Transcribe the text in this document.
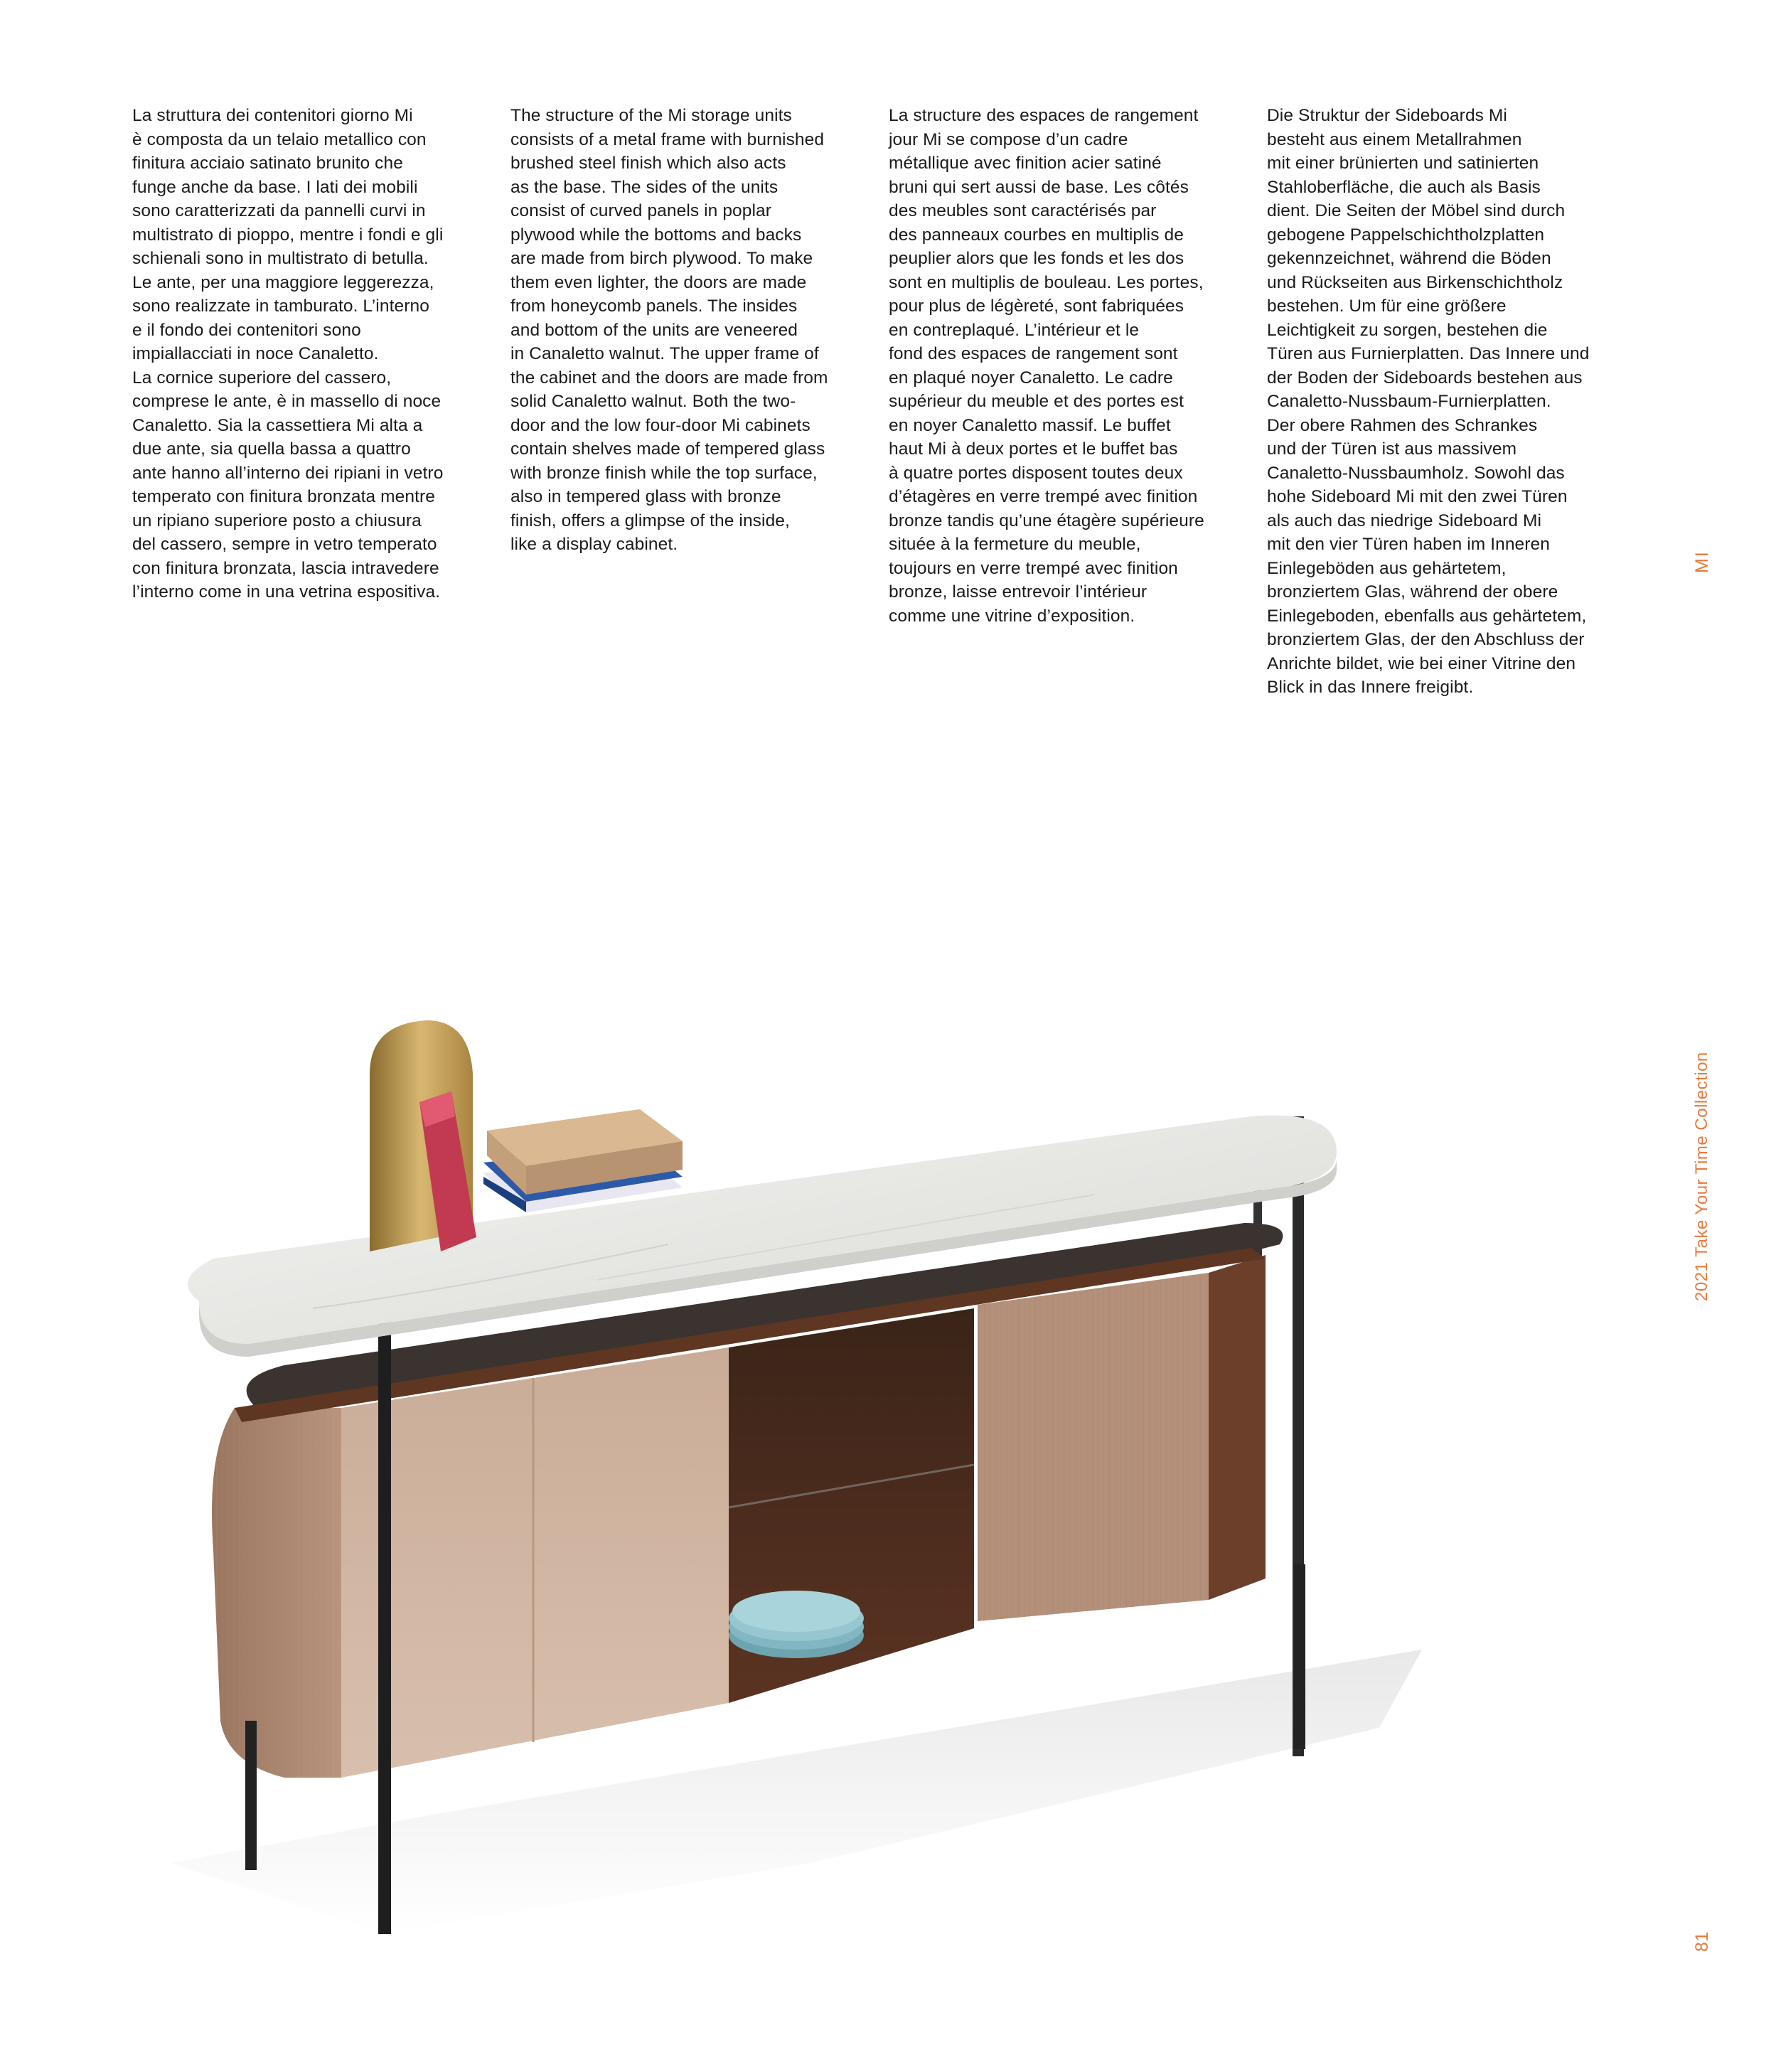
La struttura dei contenitori giorno Mi
è composta da un telaio metallico con
finitura acciaio satinato brunito che
funge anche da base. I lati dei mobili
sono caratterizzati da pannelli curvi in
multistrato di pioppo, mentre i fondi e gli
schienali sono in multistrato di betulla.
Le ante, per una maggiore leggerezza,
sono realizzate in tamburato. L’interno
e il fondo dei contenitori sono
impiallacciati in noce Canaletto.
La cornice superiore del cassero,
comprese le ante, è in massello di noce
Canaletto. Sia la cassettiera Mi alta a
due ante, sia quella bassa a quattro
ante hanno all’interno dei ripiani in vetro
temperato con finitura bronzata mentre
un ripiano superiore posto a chiusura
del cassero, sempre in vetro temperato
con finitura bronzata, lascia intravedere
l’interno come in una vetrina espositiva.
The structure of the Mi storage units
consists of a metal frame with burnished
brushed steel finish which also acts
as the base. The sides of the units
consist of curved panels in poplar
plywood while the bottoms and backs
are made from birch plywood. To make
them even lighter, the doors are made
from honeycomb panels. The insides
and bottom of the units are veneered
in Canaletto walnut. The upper frame of
the cabinet and the doors are made from
solid Canaletto walnut. Both the two-
door and the low four-door Mi cabinets
contain shelves made of tempered glass
with bronze finish while the top surface,
also in tempered glass with bronze
finish, offers a glimpse of the inside,
like a display cabinet.
La structure des espaces de rangement
jour Mi se compose d’un cadre
métallique avec finition acier satiné
bruni qui sert aussi de base. Les côtés
des meubles sont caractérisés par
des panneaux courbes en multiplis de
peuplier alors que les fonds et les dos
sont en multiplis de bouleau. Les portes,
pour plus de légèreté, sont fabriquées
en contreplaqué. L’intérieur et le
fond des espaces de rangement sont
en plaqué noyer Canaletto. Le cadre
supérieur du meuble et des portes est
en noyer Canaletto massif. Le buffet
haut Mi à deux portes et le buffet bas
à quatre portes disposent toutes deux
d’étagères en verre trempé avec finition
bronze tandis qu’une étagère supérieure
située à la fermeture du meuble,
toujours en verre trempé avec finition
bronze, laisse entrevoir l’intérieur
comme une vitrine d’exposition.
Die Struktur der Sideboards Mi
besteht aus einem Metallrahmen
mit einer brünierten und satinierten
Stahloberfläche, die auch als Basis
dient. Die Seiten der Möbel sind durch
gebogene Pappelschichtholzplatten
gekennzeichnet, während die Böden
und Rückseiten aus Birkenschichtholz
bestehen. Um für eine größere
Leichtigkeit zu sorgen, bestehen die
Türen aus Furnierplatten. Das Innere und
der Boden der Sideboards bestehen aus
Canaletto-Nussbaum-Furnierplatten.
Der obere Rahmen des Schrankes
und der Türen ist aus massivem
Canaletto-Nussbaumholz. Sowohl das
hohe Sideboard Mi mit den zwei Türen
als auch das niedrige Sideboard Mi
mit den vier Türen haben im Inneren
Einlegeböden aus gehärtetem,
bronziertem Glas, während der obere
Einlegeboden, ebenfalls aus gehärtetem,
bronziertem Glas, der den Abschluss der
Anrichte bildet, wie bei einer Vitrine den
Blick in das Innere freigibt.
MI
2021 Take Your Time Collection
81
